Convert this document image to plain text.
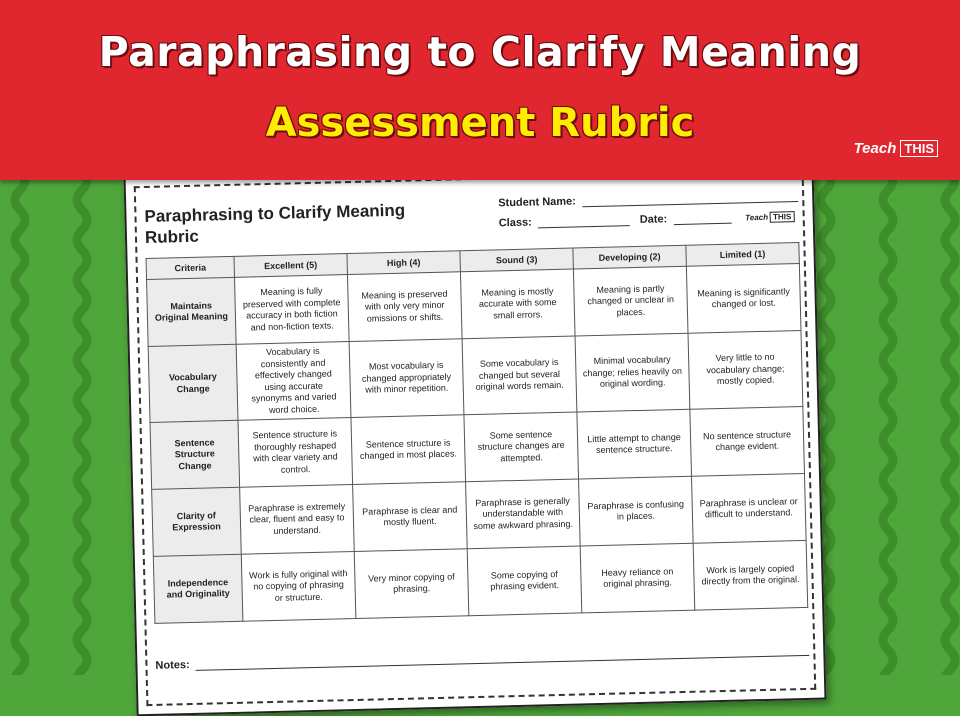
Paraphrasing to Clarify Meaning
Assessment Rubric
Teach THIS
Paraphrasing to Clarify Meaning
Rubric
Student Name:
Class:	Date:	Teach THIS
Criteria	Excellent (5)	High (4)	Sound (3)	Developing (2)	Limited (1)
Maintains Original Meaning	Meaning is fully preserved with complete accuracy in both fiction and non-fiction texts.	Meaning is preserved with only very minor omissions or shifts.	Meaning is mostly accurate with some small errors.	Meaning is partly changed or unclear in places.	Meaning is significantly changed or lost.
Vocabulary Change	Vocabulary is consistently and effectively changed using accurate synonyms and varied word choice.	Most vocabulary is changed appropriately with minor repetition.	Some vocabulary is changed but several original words remain.	Minimal vocabulary change; relies heavily on original wording.	Very little to no vocabulary change; mostly copied.
Sentence Structure Change	Sentence structure is thoroughly reshaped with clear variety and control.	Sentence structure is changed in most places.	Some sentence structure changes are attempted.	Little attempt to change sentence structure.	No sentence structure change evident.
Clarity of Expression	Paraphrase is extremely clear, fluent and easy to understand.	Paraphrase is clear and mostly fluent.	Paraphrase is generally understandable with some awkward phrasing.	Paraphrase is confusing in places.	Paraphrase is unclear or difficult to understand.
Independence and Originality	Work is fully original with no copying of phrasing or structure.	Very minor copying of phrasing.	Some copying of phrasing evident.	Heavy reliance on original phrasing.	Work is largely copied directly from the original.
Notes:
